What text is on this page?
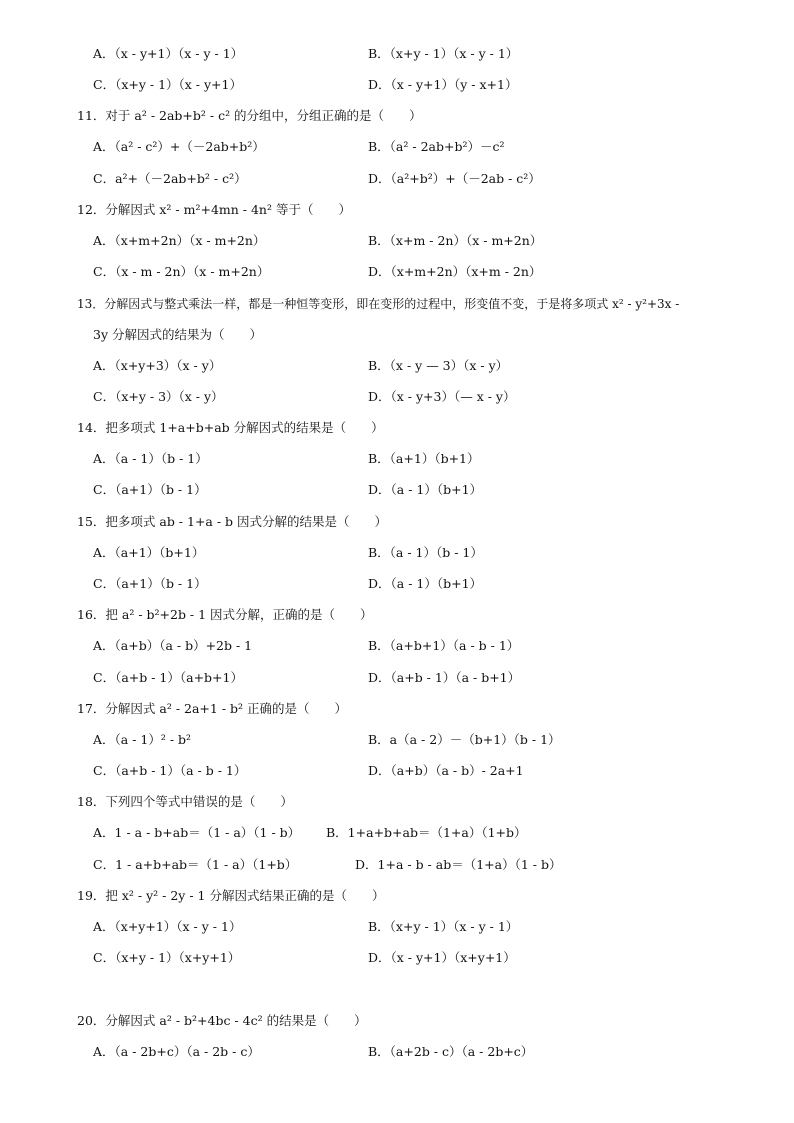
A．（x - y+1）（x - y - 1）	B．（x+y - 1）（x - y - 1）
C．（x+y - 1）（x - y+1）	D．（x - y+1）（y - x+1）
11．对于 a² - 2ab+b² - c² 的分组中，分组正确的是（　　）
A．（a² - c²）+（－2ab+b²）	B．（a² - 2ab+b²）－c²
C．a²+（－2ab+b² - c²）	D．（a²+b²）+（－2ab - c²）
12．分解因式 x² - m²+4mn - 4n² 等于（　　）
A．（x+m+2n）（x - m+2n）	B．（x+m - 2n）（x - m+2n）
C．（x - m - 2n）（x - m+2n）	D．（x+m+2n）（x+m - 2n）
13．分解因式与整式乘法一样，都是一种恒等变形，即在变形的过程中，形变值不变，于是将多项式 x² - y²+3x -
3y 分解因式的结果为（　　）
A．（x+y+3）（x - y）	B．（x - y — 3）（x - y）
C．（x+y - 3）（x - y）	D．（x - y+3）（— x - y）
14．把多项式 1+a+b+ab 分解因式的结果是（　　）
A．（a - 1）（b - 1）	B．（a+1）（b+1）
C．（a+1）（b - 1）	D．（a - 1）（b+1）
15．把多项式 ab - 1+a - b 因式分解的结果是（　　）
A．（a+1）（b+1）	B．（a - 1）（b - 1）
C．（a+1）（b - 1）	D．（a - 1）（b+1）
16．把 a² - b²+2b - 1 因式分解，正确的是（　　）
A．（a+b）（a - b）+2b - 1	B．（a+b+1）（a - b - 1）
C．（a+b - 1）（a+b+1）	D．（a+b - 1）（a - b+1）
17．分解因式 a² - 2a+1 - b² 正确的是（　　）
A．（a - 1）² - b²	B．a（a - 2）－（b+1）（b - 1）
C．（a+b - 1）（a - b - 1）	D．（a+b）（a - b）- 2a+1
18．下列四个等式中错误的是（　　）
A．1 - a - b+ab＝（1 - a）（1 - b） B．1+a+b+ab＝（1+a）（1+b）
C．1 - a+b+ab＝（1 - a）（1+b）	D．1+a - b - ab＝（1+a）（1 - b）
19．把 x² - y² - 2y - 1 分解因式结果正确的是（　　）
A．（x+y+1）（x - y - 1）	B．（x+y - 1）（x - y - 1）
C．（x+y - 1）（x+y+1）	D．（x - y+1）（x+y+1）
20．分解因式 a² - b²+4bc - 4c² 的结果是（　　）
A．（a - 2b+c）（a - 2b - c）	B．（a+2b - c）（a - 2b+c）
